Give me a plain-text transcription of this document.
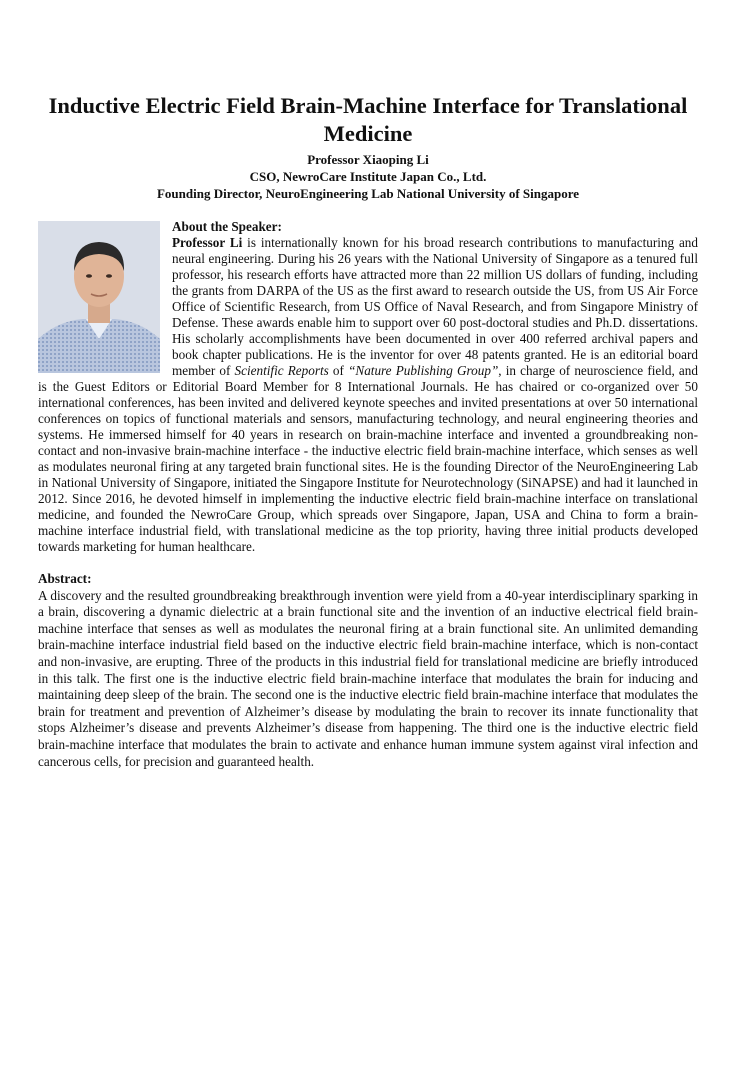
Inductive Electric Field Brain-Machine Interface for Translational Medicine

Professor Xiaoping Li

CSO, NewroCare Institute Japan Co., Ltd.

Founding Director, NeuroEngineering Lab National University of Singapore

About the Speaker:
Professor Li is internationally known for his broad research contributions to manufacturing and neural engineering. During his 26 years with the National University of Singapore as a tenured full professor, his research efforts have attracted more than 22 million US dollars of funding, including the grants from DARPA of the US as the first award to research outside the US, from US Air Force Office of Scientific Research, from US Office of Naval Research, and from Singapore Ministry of Defense. These awards enable him to support over 60 post-doctoral studies and Ph.D. dissertations. His scholarly accomplishments have been documented in over 400 referred archival papers and book chapter publications. He is the inventor for over 48 patents granted. He is an editorial board member of Scientific Reports of “Nature Publishing Group”, in charge of neuroscience field, and is the Guest Editors or Editorial Board Member for 8 International Journals. He has chaired or co-organized over 50 international conferences, has been invited and delivered keynote speeches and invited presentations at over 50 international conferences on topics of functional materials and sensors, manufacturing technology, and neural engineering theories and systems. He immersed himself for 40 years in research on brain-machine interface and invented a groundbreaking non-contact and non-invasive brain-machine interface - the inductive electric field brain-machine interface, which senses as well as modulates neuronal firing at any targeted brain functional sites. He is the founding Director of the NeuroEngineering Lab in National University of Singapore, initiated the Singapore Institute for Neurotechnology (SiNAPSE) and had it launched in 2012. Since 2016, he devoted himself in implementing the inductive electric field brain-machine interface on translational medicine, and founded the NewroCare Group, which spreads over Singapore, Japan, USA and China to form a brain-machine interface industrial field, with translational medicine as the top priority, having three initial products developed towards marketing for human healthcare.

Abstract:

A discovery and the resulted groundbreaking breakthrough invention were yield from a 40-year interdisciplinary sparking in a brain, discovering a dynamic dielectric at a brain functional site and the invention of an inductive electrical field brain-machine interface that senses as well as modulates the neuronal firing at a brain functional site. An unlimited demanding brain-machine interface industrial field based on the inductive electric field brain-machine interface, which is non-contact and non-invasive, are erupting. Three of the products in this industrial field for translational medicine are briefly introduced in this talk. The first one is the inductive electric field brain-machine interface that modulates the brain for inducing and maintaining deep sleep of the brain. The second one is the inductive electric field brain-machine interface that modulates the brain for treatment and prevention of Alzheimer’s disease by modulating the brain to recover its innate functionality that stops Alzheimer’s disease and prevents Alzheimer’s disease from happening. The third one is the inductive electric field brain-machine interface that modulates the brain to activate and enhance human immune system against viral infection and cancerous cells, for precision and guaranteed health.
